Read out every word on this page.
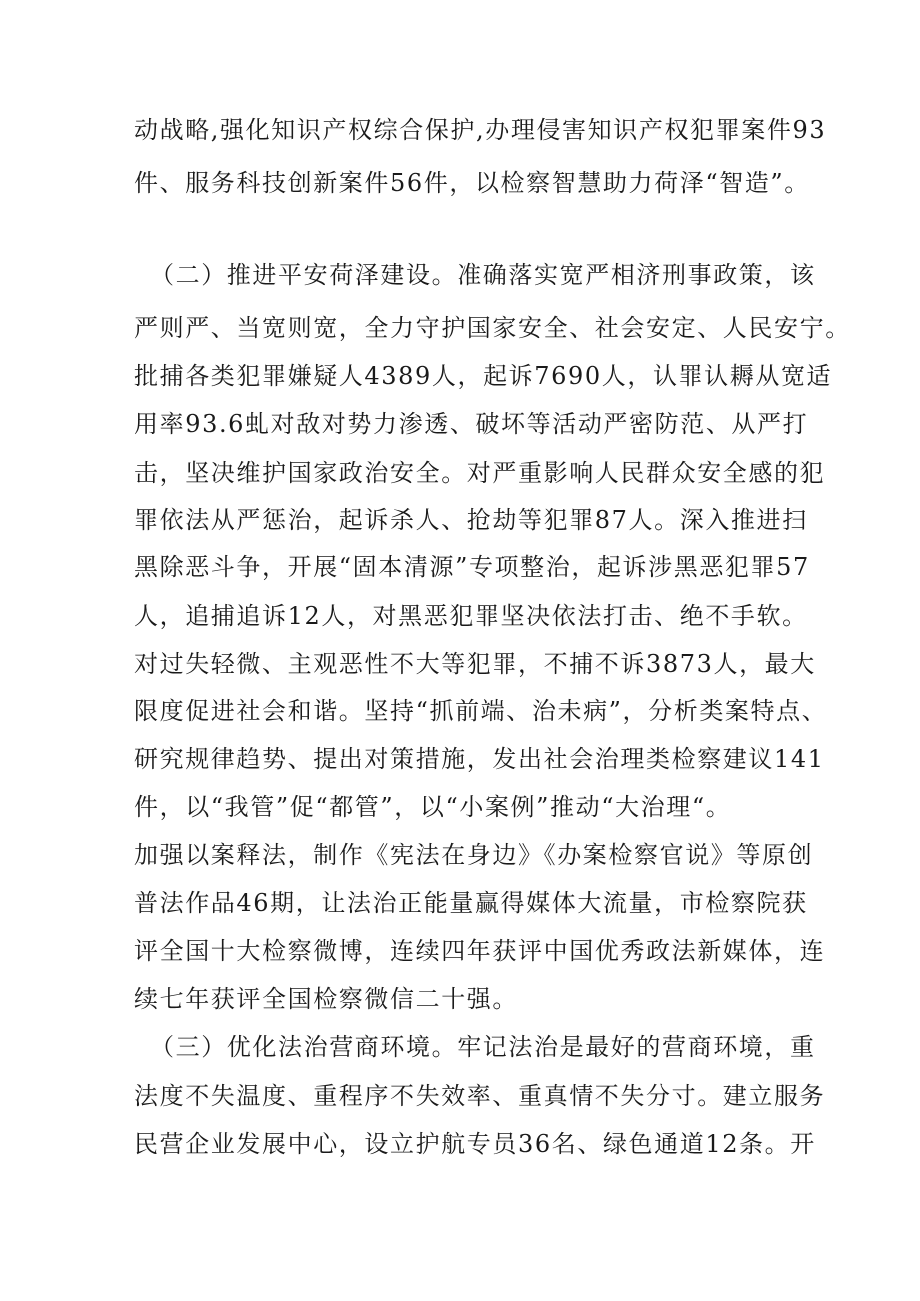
动战略,强化知识产权综合保护,办理侵害知识产权犯罪案件93
件、服务科技创新案件56件，以检察智慧助力荷泽“智造”。
（二）推进平安荷泽建设。准确落实宽严相济刑事政策，该
严则严、当宽则宽，全力守护国家安全、社会安定、人民安宁。
批捕各类犯罪嫌疑人4389人，起诉7690人，认罪认耨从宽适
用率93.6虬对敌对势力渗透、破坏等活动严密防范、从严打
击，坚决维护国家政治安全。对严重影响人民群众安全感的犯
罪依法从严惩治，起诉杀人、抢劫等犯罪87人。深入推进扫
黑除恶斗争，开展“固本清源”专项整治，起诉涉黑恶犯罪57
人，追捕追诉12人，对黑恶犯罪坚决依法打击、绝不手软。
对过失轻微、主观恶性不大等犯罪，不捕不诉3873人，最大
限度促进社会和谐。坚持“抓前端、治未病”，分析类案特点、
研究规律趋势、提出对策措施，发出社会治理类检察建议141
件，以“我管”促“都管”，以“小案例”推动“大治理“。
加强以案释法，制作《宪法在身边》《办案检察官说》等原创
普法作品46期，让法治正能量赢得媒体大流量，市检察院获
评全国十大检察微博，连续四年获评中国优秀政法新媒体，连
续七年获评全国检察微信二十强。
（三）优化法治营商环境。牢记法治是最好的营商环境，重
法度不失温度、重程序不失效率、重真情不失分寸。建立服务
民营企业发展中心，设立护航专员36名、绿色通道12条。开
